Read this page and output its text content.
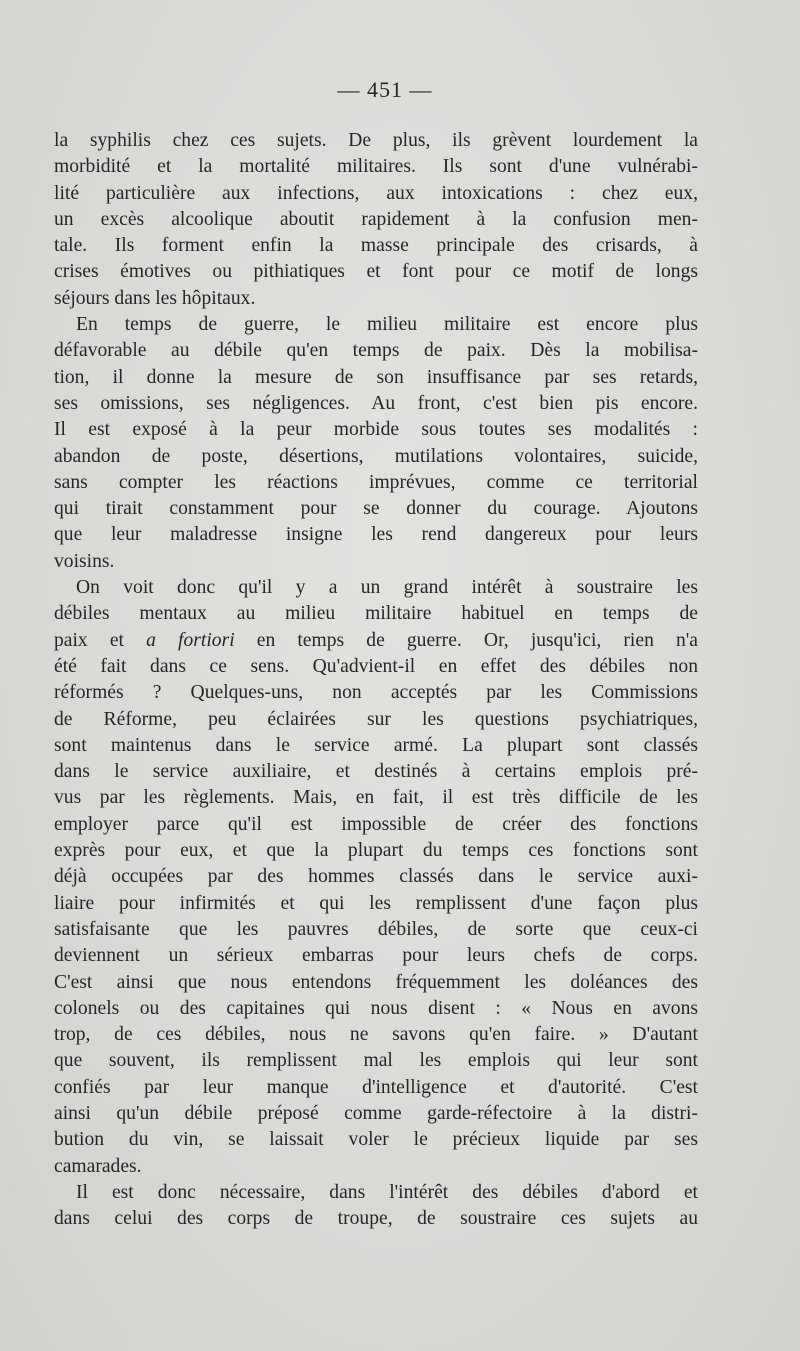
— 451 —
la syphilis chez ces sujets. De plus, ils grèvent lourdement la
morbidité et la mortalité militaires. Ils sont d'une vulnérabi-
lité particulière aux infections, aux intoxications : chez eux,
un excès alcoolique aboutit rapidement à la confusion men-
tale. Ils forment enfin la masse principale des crisards, à
crises émotives ou pithiatiques et font pour ce motif de longs
séjours dans les hôpitaux.
En temps de guerre, le milieu militaire est encore plus
défavorable au débile qu'en temps de paix. Dès la mobilisa-
tion, il donne la mesure de son insuffisance par ses retards,
ses omissions, ses négligences. Au front, c'est bien pis encore.
Il est exposé à la peur morbide sous toutes ses modalités :
abandon de poste, désertions, mutilations volontaires, suicide,
sans compter les réactions imprévues, comme ce territorial
qui tirait constamment pour se donner du courage. Ajoutons
que leur maladresse insigne les rend dangereux pour leurs
voisins.
On voit donc qu'il y a un grand intérêt à soustraire les
débiles mentaux au milieu militaire habituel en temps de
paix et a fortiori en temps de guerre. Or, jusqu'ici, rien n'a
été fait dans ce sens. Qu'advient-il en effet des débiles non
réformés ? Quelques-uns, non acceptés par les Commissions
de Réforme, peu éclairées sur les questions psychiatriques,
sont maintenus dans le service armé. La plupart sont classés
dans le service auxiliaire, et destinés à certains emplois pré-
vus par les règlements. Mais, en fait, il est très difficile de les
employer parce qu'il est impossible de créer des fonctions
exprès pour eux, et que la plupart du temps ces fonctions sont
déjà occupées par des hommes classés dans le service auxi-
liaire pour infirmités et qui les remplissent d'une façon plus
satisfaisante que les pauvres débiles, de sorte que ceux-ci
deviennent un sérieux embarras pour leurs chefs de corps.
C'est ainsi que nous entendons fréquemment les doléances des
colonels ou des capitaines qui nous disent : « Nous en avons
trop, de ces débiles, nous ne savons qu'en faire. » D'autant
que souvent, ils remplissent mal les emplois qui leur sont
confiés par leur manque d'intelligence et d'autorité. C'est
ainsi qu'un débile préposé comme garde-réfectoire à la distri-
bution du vin, se laissait voler le précieux liquide par ses
camarades.
Il est donc nécessaire, dans l'intérêt des débiles d'abord et
dans celui des corps de troupe, de soustraire ces sujets au
